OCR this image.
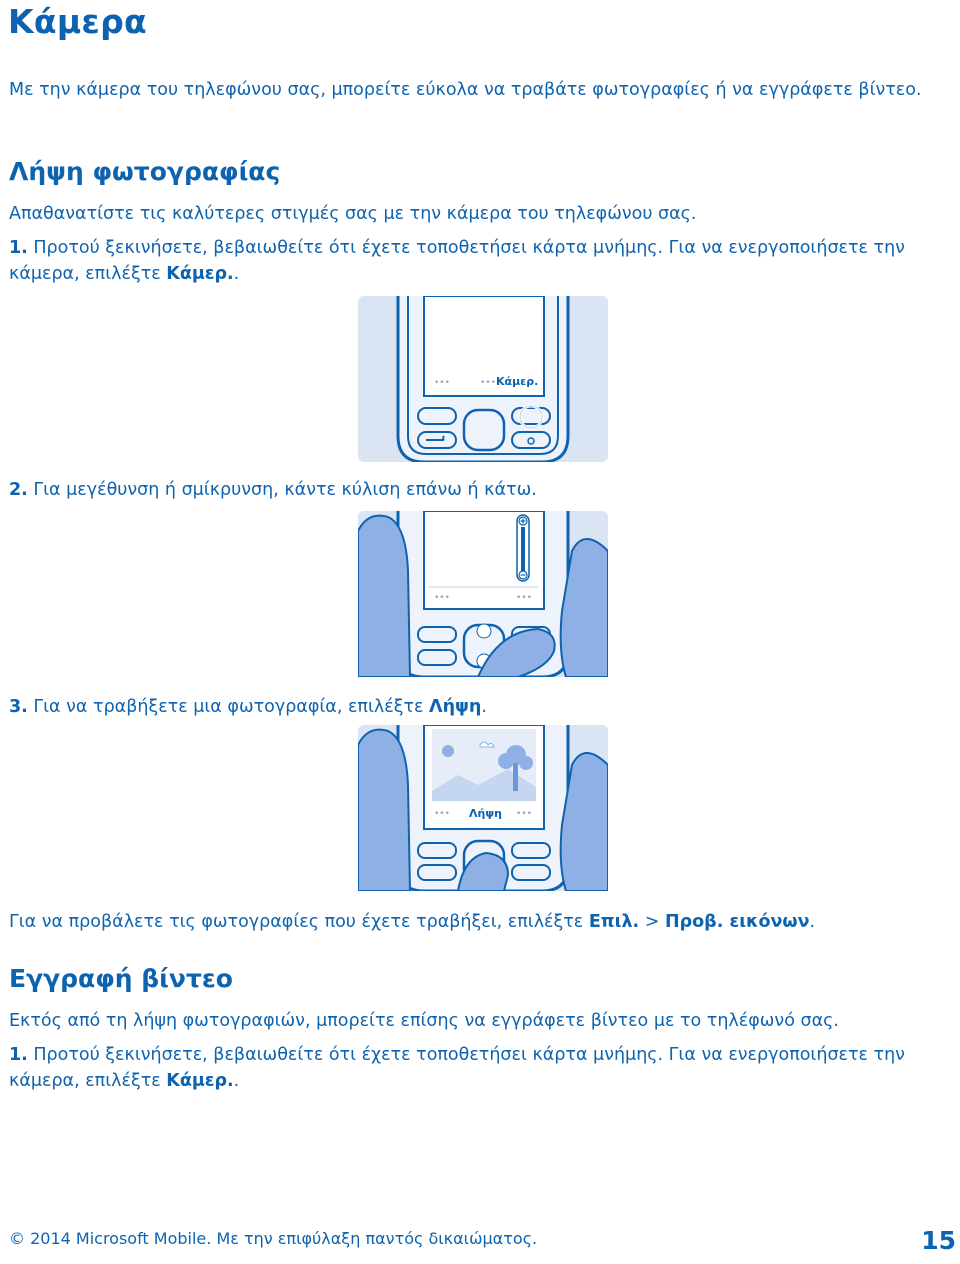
Κάμερα

Με την κάμερα του τηλεφώνου σας, μπορείτε εύκολα να τραβάτε φωτογραφίες ή να εγγράφετε βίντεο.

Λήψη φωτογραφίας

Απαθανατίστε τις καλύτερες στιγμές σας με την κάμερα του τηλεφώνου σας.

1. Προτού ξεκινήσετε, βεβαιωθείτε ότι έχετε τοποθετήσει κάρτα μνήμης. Για να ενεργοποιήσετε την κάμερα, επιλέξτε Κάμερ..

•••	••• Κάμερ.

2. Για μεγέθυνση ή σμίκρυνση, κάντε κύλιση επάνω ή κάτω.

•••	•••

3. Για να τραβήξετε μια φωτογραφία, επιλέξτε Λήψη.

•••	•••
Λήψη

Για να προβάλετε τις φωτογραφίες που έχετε τραβήξει, επιλέξτε Επιλ. > Προβ. εικόνων.

Εγγραφή βίντεο

Εκτός από τη λήψη φωτογραφιών, μπορείτε επίσης να εγγράφετε βίντεο με το τηλέφωνό σας.

1. Προτού ξεκινήσετε, βεβαιωθείτε ότι έχετε τοποθετήσει κάρτα μνήμης. Για να ενεργοποιήσετε την κάμερα, επιλέξτε Κάμερ..

© 2014 Microsoft Mobile. Με την επιφύλαξη παντός δικαιώματος.	15
